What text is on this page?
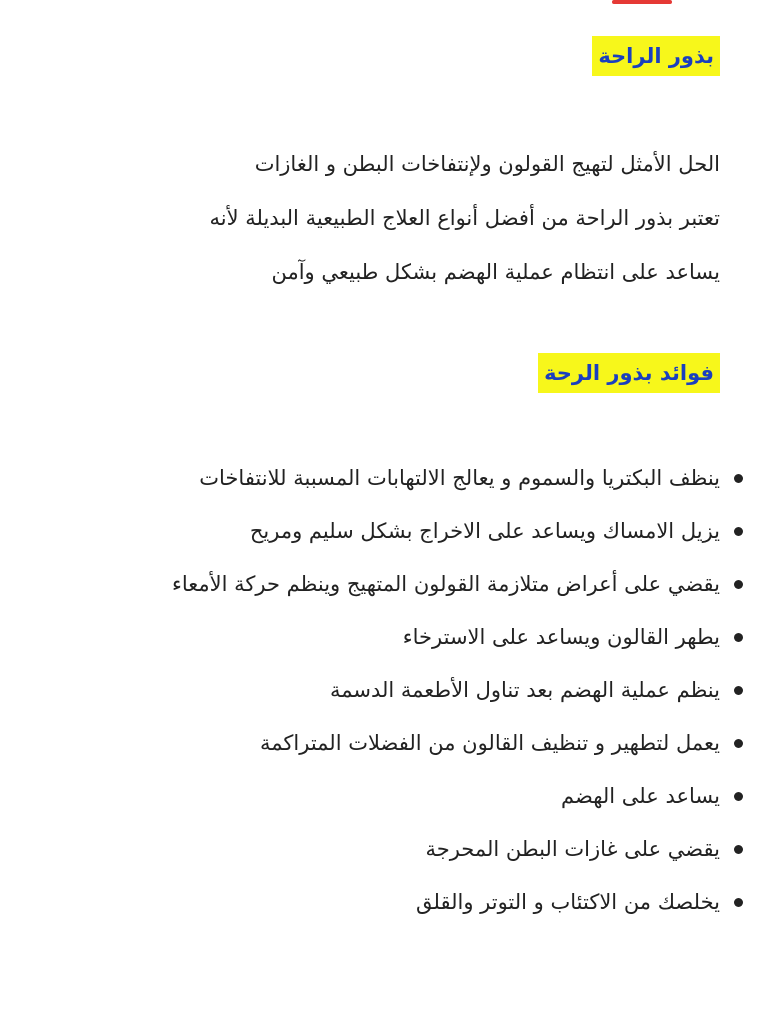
بذور الراحة
الحل الأمثل لتهيج القولون ولإنتفاخات البطن و الغازات
تعتبر بذور الراحة من أفضل أنواع العلاج الطبيعية البديلة لأنه
يساعد على انتظام عملية الهضم بشكل طبيعي وآمن
فوائد بذور الرحة
ينظف البكتريا والسموم و يعالج الالتهابات المسببة للانتفاخات
يزيل الامساك ويساعد على الاخراج بشكل سليم ومريح
يقضي على أعراض متلازمة القولون المتهيج وينظم حركة الأمعاء
يطهر القالون ويساعد على الاسترخاء
ينظم عملية الهضم بعد تناول الأطعمة الدسمة
يعمل لتطهير و تنظيف القالون من الفضلات المتراكمة
يساعد على الهضم
يقضي على غازات البطن المحرجة
يخلصك من الاكتئاب و التوتر والقلق
